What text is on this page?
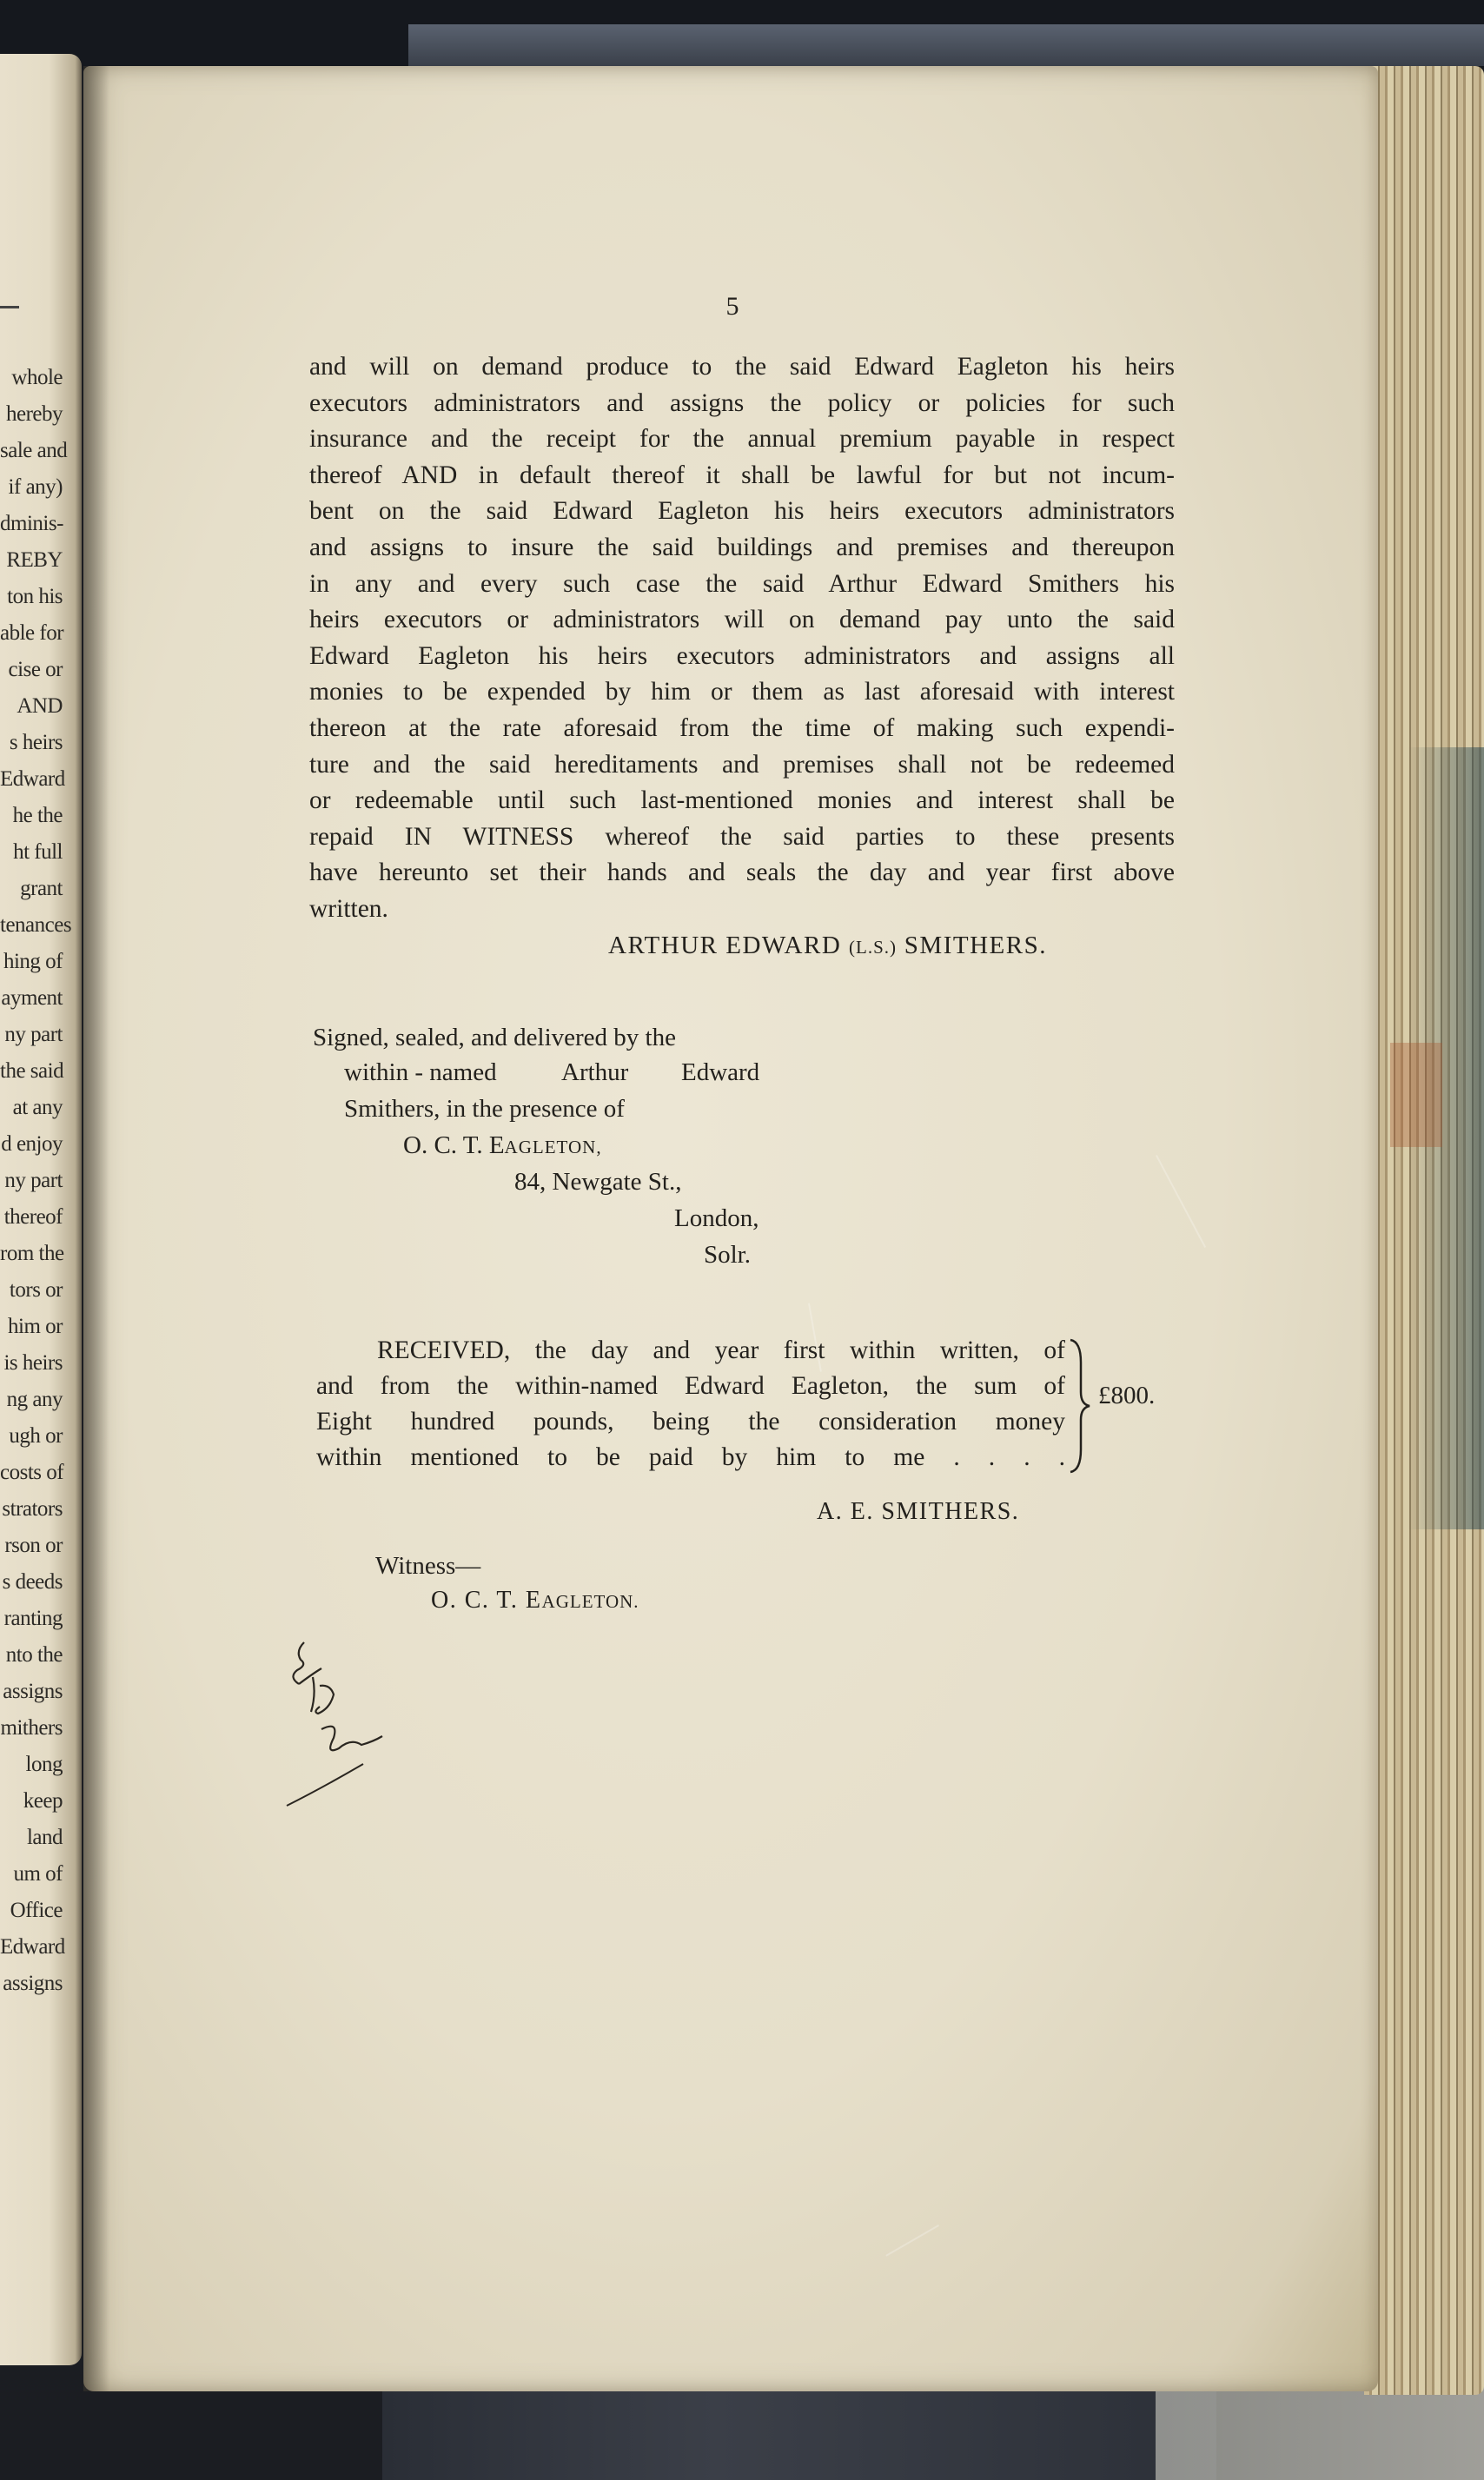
whole
hereby
sale and
if any)
dminis-
REBY
ton his
able for
cise or
AND
s heirs
Edward
he the
ht full
grant
tenances
hing of
ayment
ny part
the said
at any
d enjoy
ny part
thereof
rom the
tors or
him or
is heirs
ng any
ugh or
costs of
strators
rson or
s deeds
ranting
nto the
assigns
mithers
long
keep
land
um of
Office
Edward
assigns
5
and will on demand produce to the said Edward Eagleton his heirs
executors administrators and assigns the policy or policies for such
insurance and the receipt for the annual premium payable in respect
thereof AND in default thereof it shall be lawful for but not incum-
bent on the said Edward Eagleton his heirs executors administrators
and assigns to insure the said buildings and premises and thereupon
in any and every such case the said Arthur Edward Smithers his
heirs executors or administrators will on demand pay unto the said
Edward Eagleton his heirs executors administrators and assigns all
monies to be expended by him or them as last aforesaid with interest
thereon at the rate aforesaid from the time of making such expendi-
ture and the said hereditaments and premises shall not be redeemed
or redeemable until such last-mentioned monies and interest shall be
repaid IN WITNESS whereof the said parties to these presents
have hereunto set their hands and seals the day and year first above
written.
ARTHUR EDWARD (L.S.) SMITHERS.
Signed, sealed, and delivered by the
within - named	Arthur Edward
Smithers, in the presence of
O. C. T. EAGLETON,
84, Newgate St.,
London,
Solr.
RECEIVED, the day and year first within written, of
and from the within-named Edward Eagleton, the sum of
Eight hundred pounds, being the consideration money
within mentioned to be paid by him to me . . . .
£800.
A. E. SMITHERS.
Witness—
O. C. T. EAGLETON.
